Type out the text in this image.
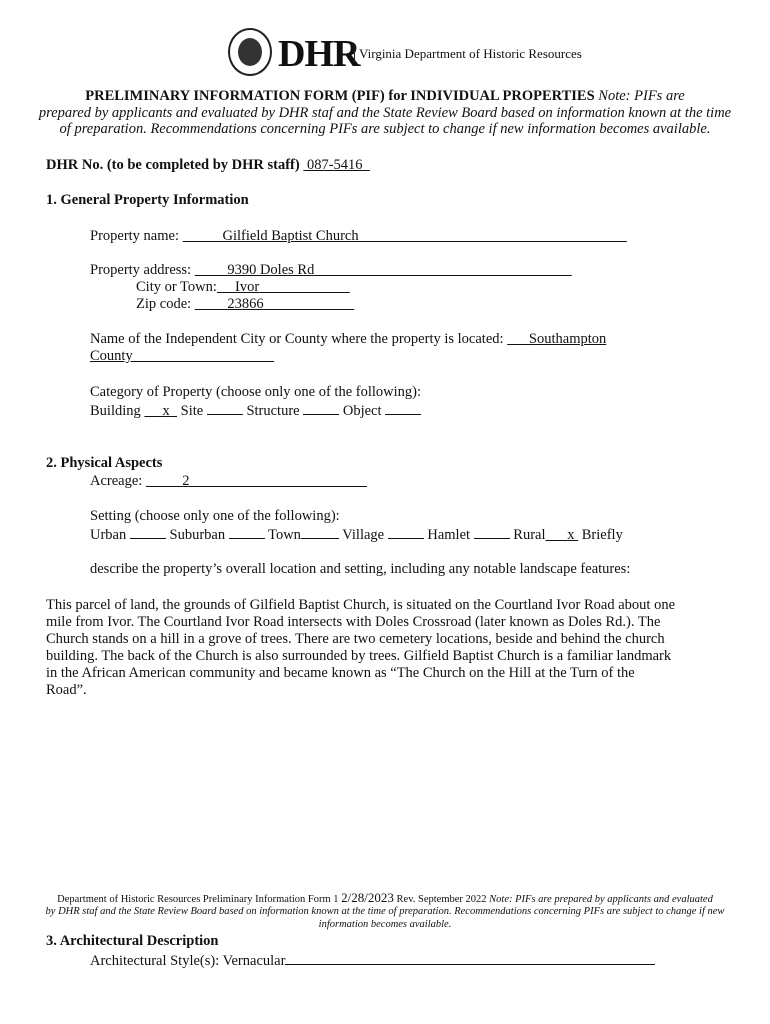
DHR Virginia Department of Historic Resources
PRELIMINARY INFORMATION FORM (PIF) for INDIVIDUAL PROPERTIES Note: PIFs are
prepared by applicants and evaluated by DHR staf and the State Review Board based on information known at the time
of preparation. Recommendations concerning PIFs are subject to change if new information becomes available.
DHR No. (to be completed by DHR staff) 087-5416
1. General Property Information
Property name:	Gilfield Baptist Church
Property address:	9390 Doles Rd
City or Town: Ivor
Zip code:	23866
Name of the Independent City or County where the property is located: Southampton
County
Category of Property (choose only one of the following):
Building x Site	Structure	Object
2. Physical Aspects
Acreage:	2
Setting (choose only one of the following):
Urban	Suburban	Town	Village	Hamlet	Rural x Briefly
describe the property’s overall location and setting, including any notable landscape features:
This parcel of land, the grounds of Gilfield Baptist Church, is situated on the Courtland Ivor Road about one
mile from Ivor. The Courtland Ivor Road intersects with Doles Crossroad (later known as Doles Rd.). The
Church stands on a hill in a grove of trees. There are two cemetery locations, beside and behind the church
building. The back of the Church is also surrounded by trees. Gilfield Baptist Church is a familiar landmark
in the African American community and became known as “The Church on the Hill at the Turn of the
Road”.
Department of Historic Resources Preliminary Information Form 1 2/28/2023 Rev. September 2022 Note: PIFs are prepared by applicants and evaluated
by DHR staf and the State Review Board based on information known at the time of preparation. Recommendations concerning PIFs are subject to change if new
information becomes available.
3. Architectural Description
Architectural Style(s): Vernacular
